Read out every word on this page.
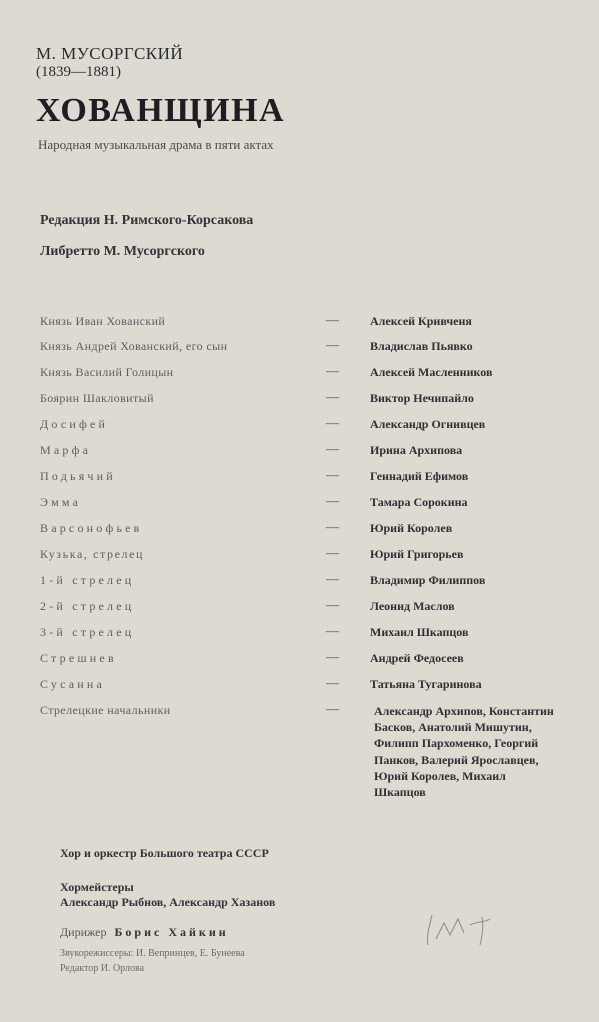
М. МУСОРГСКИЙ
(1839—1881)
ХОВАНЩИНА
Народная музыкальная драма в пяти актах
Редакция Н. Римского-Корсакова
Либретто М. Мусоргского
Князь Иван Хованский	—	Алексей Кривченя
Князь Андрей Хованский, его сын	—	Владислав Пьявко
Князь Василий Голицын	—	Алексей Масленников
Боярин Шакловитый	—	Виктор Нечипайло
Досифей	—	Александр Огнивцев
Марфа	—	Ирина Архипова
Подьячий	—	Геннадий Ефимов
Эмма	—	Тамара Сорокина
Варсонофьев	—	Юрий Королев
Кузька, стрелец	—	Юрий Григорьев
1-й стрелец	—	Владимир Филиппов
2-й стрелец	—	Леонид Маслов
3-й стрелец	—	Михаил Шкапцов
Стрешнев	—	Андрей Федосеев
Сусанна	—	Татьяна Тугаринова
Стрелецкие начальники	—	Александр Архипов, Константин Басков, Анатолий Мишутин, Филипп Пархоменко, Георгий Панков, Валерий Ярославцев, Юрий Королев, Михаил Шкапцов
Хор и оркестр Большого театра СССР
Хормейстеры
Александр Рыбнов, Александр Хазанов
Дирижер Борис Хайкин
Звукорежиссеры: И. Вепринцев, Е. Бунеева
Редактор И. Орлова
